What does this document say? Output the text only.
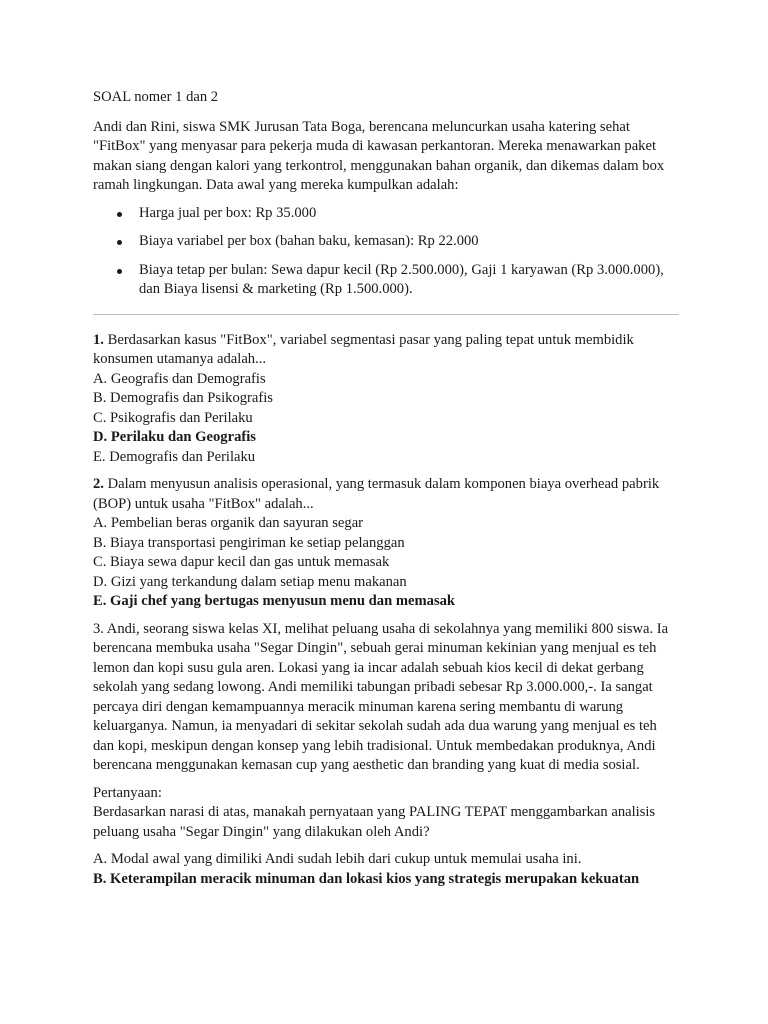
SOAL nomer 1 dan 2

Andi dan Rini, siswa SMK Jurusan Tata Boga, berencana meluncurkan usaha katering sehat "FitBox" yang menyasar para pekerja muda di kawasan perkantoran. Mereka menawarkan paket makan siang dengan kalori yang terkontrol, menggunakan bahan organik, dan dikemas dalam box ramah lingkungan. Data awal yang mereka kumpulkan adalah:

Harga jual per box: Rp 35.000
Biaya variabel per box (bahan baku, kemasan): Rp 22.000
Biaya tetap per bulan: Sewa dapur kecil (Rp 2.500.000), Gaji 1 karyawan (Rp 3.000.000), dan Biaya lisensi & marketing (Rp 1.500.000).

1. Berdasarkan kasus "FitBox", variabel segmentasi pasar yang paling tepat untuk membidik konsumen utamanya adalah...

A. Geografis dan Demografis
B. Demografis dan Psikografis
C. Psikografis dan Perilaku
D. Perilaku dan Geografis
E. Demografis dan Perilaku

2. Dalam menyusun analisis operasional, yang termasuk dalam komponen biaya overhead pabrik (BOP) untuk usaha "FitBox" adalah...

A. Pembelian beras organik dan sayuran segar
B. Biaya transportasi pengiriman ke setiap pelanggan
C. Biaya sewa dapur kecil dan gas untuk memasak
D. Gizi yang terkandung dalam setiap menu makanan
E. Gaji chef yang bertugas menyusun menu dan memasak

3. Andi, seorang siswa kelas XI, melihat peluang usaha di sekolahnya yang memiliki 800 siswa. Ia berencana membuka usaha "Segar Dingin", sebuah gerai minuman kekinian yang menjual es teh lemon dan kopi susu gula aren. Lokasi yang ia incar adalah sebuah kios kecil di dekat gerbang sekolah yang sedang lowong. Andi memiliki tabungan pribadi sebesar Rp 3.000.000,-. Ia sangat percaya diri dengan kemampuannya meracik minuman karena sering membantu di warung keluarganya. Namun, ia menyadari di sekitar sekolah sudah ada dua warung yang menjual es teh dan kopi, meskipun dengan konsep yang lebih tradisional. Untuk membedakan produknya, Andi berencana menggunakan kemasan cup yang aesthetic dan branding yang kuat di media sosial.

Pertanyaan:
Berdasarkan narasi di atas, manakah pernyataan yang PALING TEPAT menggambarkan analisis peluang usaha "Segar Dingin" yang dilakukan oleh Andi?
A. Modal awal yang dimiliki Andi sudah lebih dari cukup untuk memulai usaha ini.
B. Keterampilan meracik minuman dan lokasi kios yang strategis merupakan kekuatan
